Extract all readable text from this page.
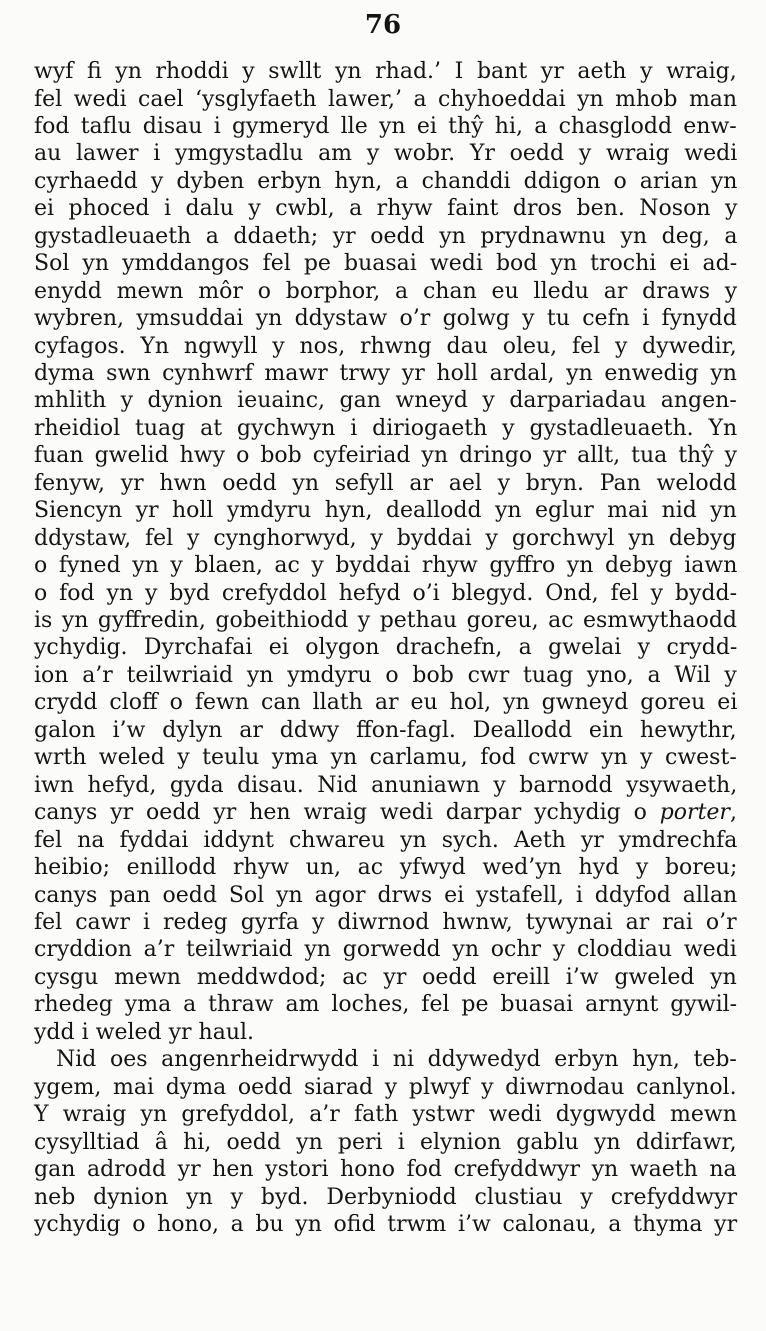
76

wyf fi yn rhoddi y swllt yn rhad.’ I bant yr aeth y wraig,

fel wedi cael ‘ysglyfaeth lawer,’ a chyhoeddai yn mhob man

fod taflu disau i gymeryd lle yn ei thŷ hi, a chasglodd enw-

au lawer i ymgystadlu am y wobr. Yr oedd y wraig wedi

cyrhaedd y dyben erbyn hyn, a chanddi ddigon o arian yn

ei phoced i dalu y cwbl, a rhyw faint dros ben. Noson y

gystadleuaeth a ddaeth; yr oedd yn prydnawnu yn deg, a

Sol yn ymddangos fel pe buasai wedi bod yn trochi ei ad-

enydd mewn môr o borphor, a chan eu lledu ar draws y

wybren, ymsuddai yn ddystaw o’r golwg y tu cefn i fynydd

cyfagos. Yn ngwyll y nos, rhwng dau oleu, fel y dywedir,

dyma swn cynhwrf mawr trwy yr holl ardal, yn enwedig yn

mhlith y dynion ieuainc, gan wneyd y darpariadau angen-

rheidiol tuag at gychwyn i diriogaeth y gystadleuaeth. Yn

fuan gwelid hwy o bob cyfeiriad yn dringo yr allt, tua thŷ y

fenyw, yr hwn oedd yn sefyll ar ael y bryn. Pan welodd

Siencyn yr holl ymdyru hyn, deallodd yn eglur mai nid yn

ddystaw, fel y cynghorwyd, y byddai y gorchwyl yn debyg

o fyned yn y blaen, ac y byddai rhyw gyffro yn debyg iawn

o fod yn y byd crefyddol hefyd o’i blegyd. Ond, fel y bydd-

is yn gyffredin, gobeithiodd y pethau goreu, ac esmwythaodd

ychydig. Dyrchafai ei olygon drachefn, a gwelai y crydd-

ion a’r teilwriaid yn ymdyru o bob cwr tuag yno, a Wil y

crydd cloff o fewn can llath ar eu hol, yn gwneyd goreu ei

galon i’w dylyn ar ddwy ffon-fagl. Deallodd ein hewythr,

wrth weled y teulu yma yn carlamu, fod cwrw yn y cwest-

iwn hefyd, gyda disau. Nid anuniawn y barnodd ysywaeth,

canys yr oedd yr hen wraig wedi darpar ychydig o porter,

fel na fyddai iddynt chwareu yn sych. Aeth yr ymdrechfa

heibio; enillodd rhyw un, ac yfwyd wed’yn hyd y boreu;

canys pan oedd Sol yn agor drws ei ystafell, i ddyfod allan

fel cawr i redeg gyrfa y diwrnod hwnw, tywynai ar rai o’r

cryddion a’r teilwriaid yn gorwedd yn ochr y cloddiau wedi

cysgu mewn meddwdod; ac yr oedd ereill i’w gweled yn

rhedeg yma a thraw am loches, fel pe buasai arnynt gywil-

ydd i weled yr haul.

Nid oes angenrheidrwydd i ni ddywedyd erbyn hyn, teb-

ygem, mai dyma oedd siarad y plwyf y diwrnodau canlynol.

Y wraig yn grefyddol, a’r fath ystwr wedi dygwydd mewn

cysylltiad â hi, oedd yn peri i elynion gablu yn ddirfawr,

gan adrodd yr hen ystori hono fod crefyddwyr yn waeth na

neb dynion yn y byd. Derbyniodd clustiau y crefyddwyr

ychydig o hono, a bu yn ofid trwm i’w calonau, a thyma yr
